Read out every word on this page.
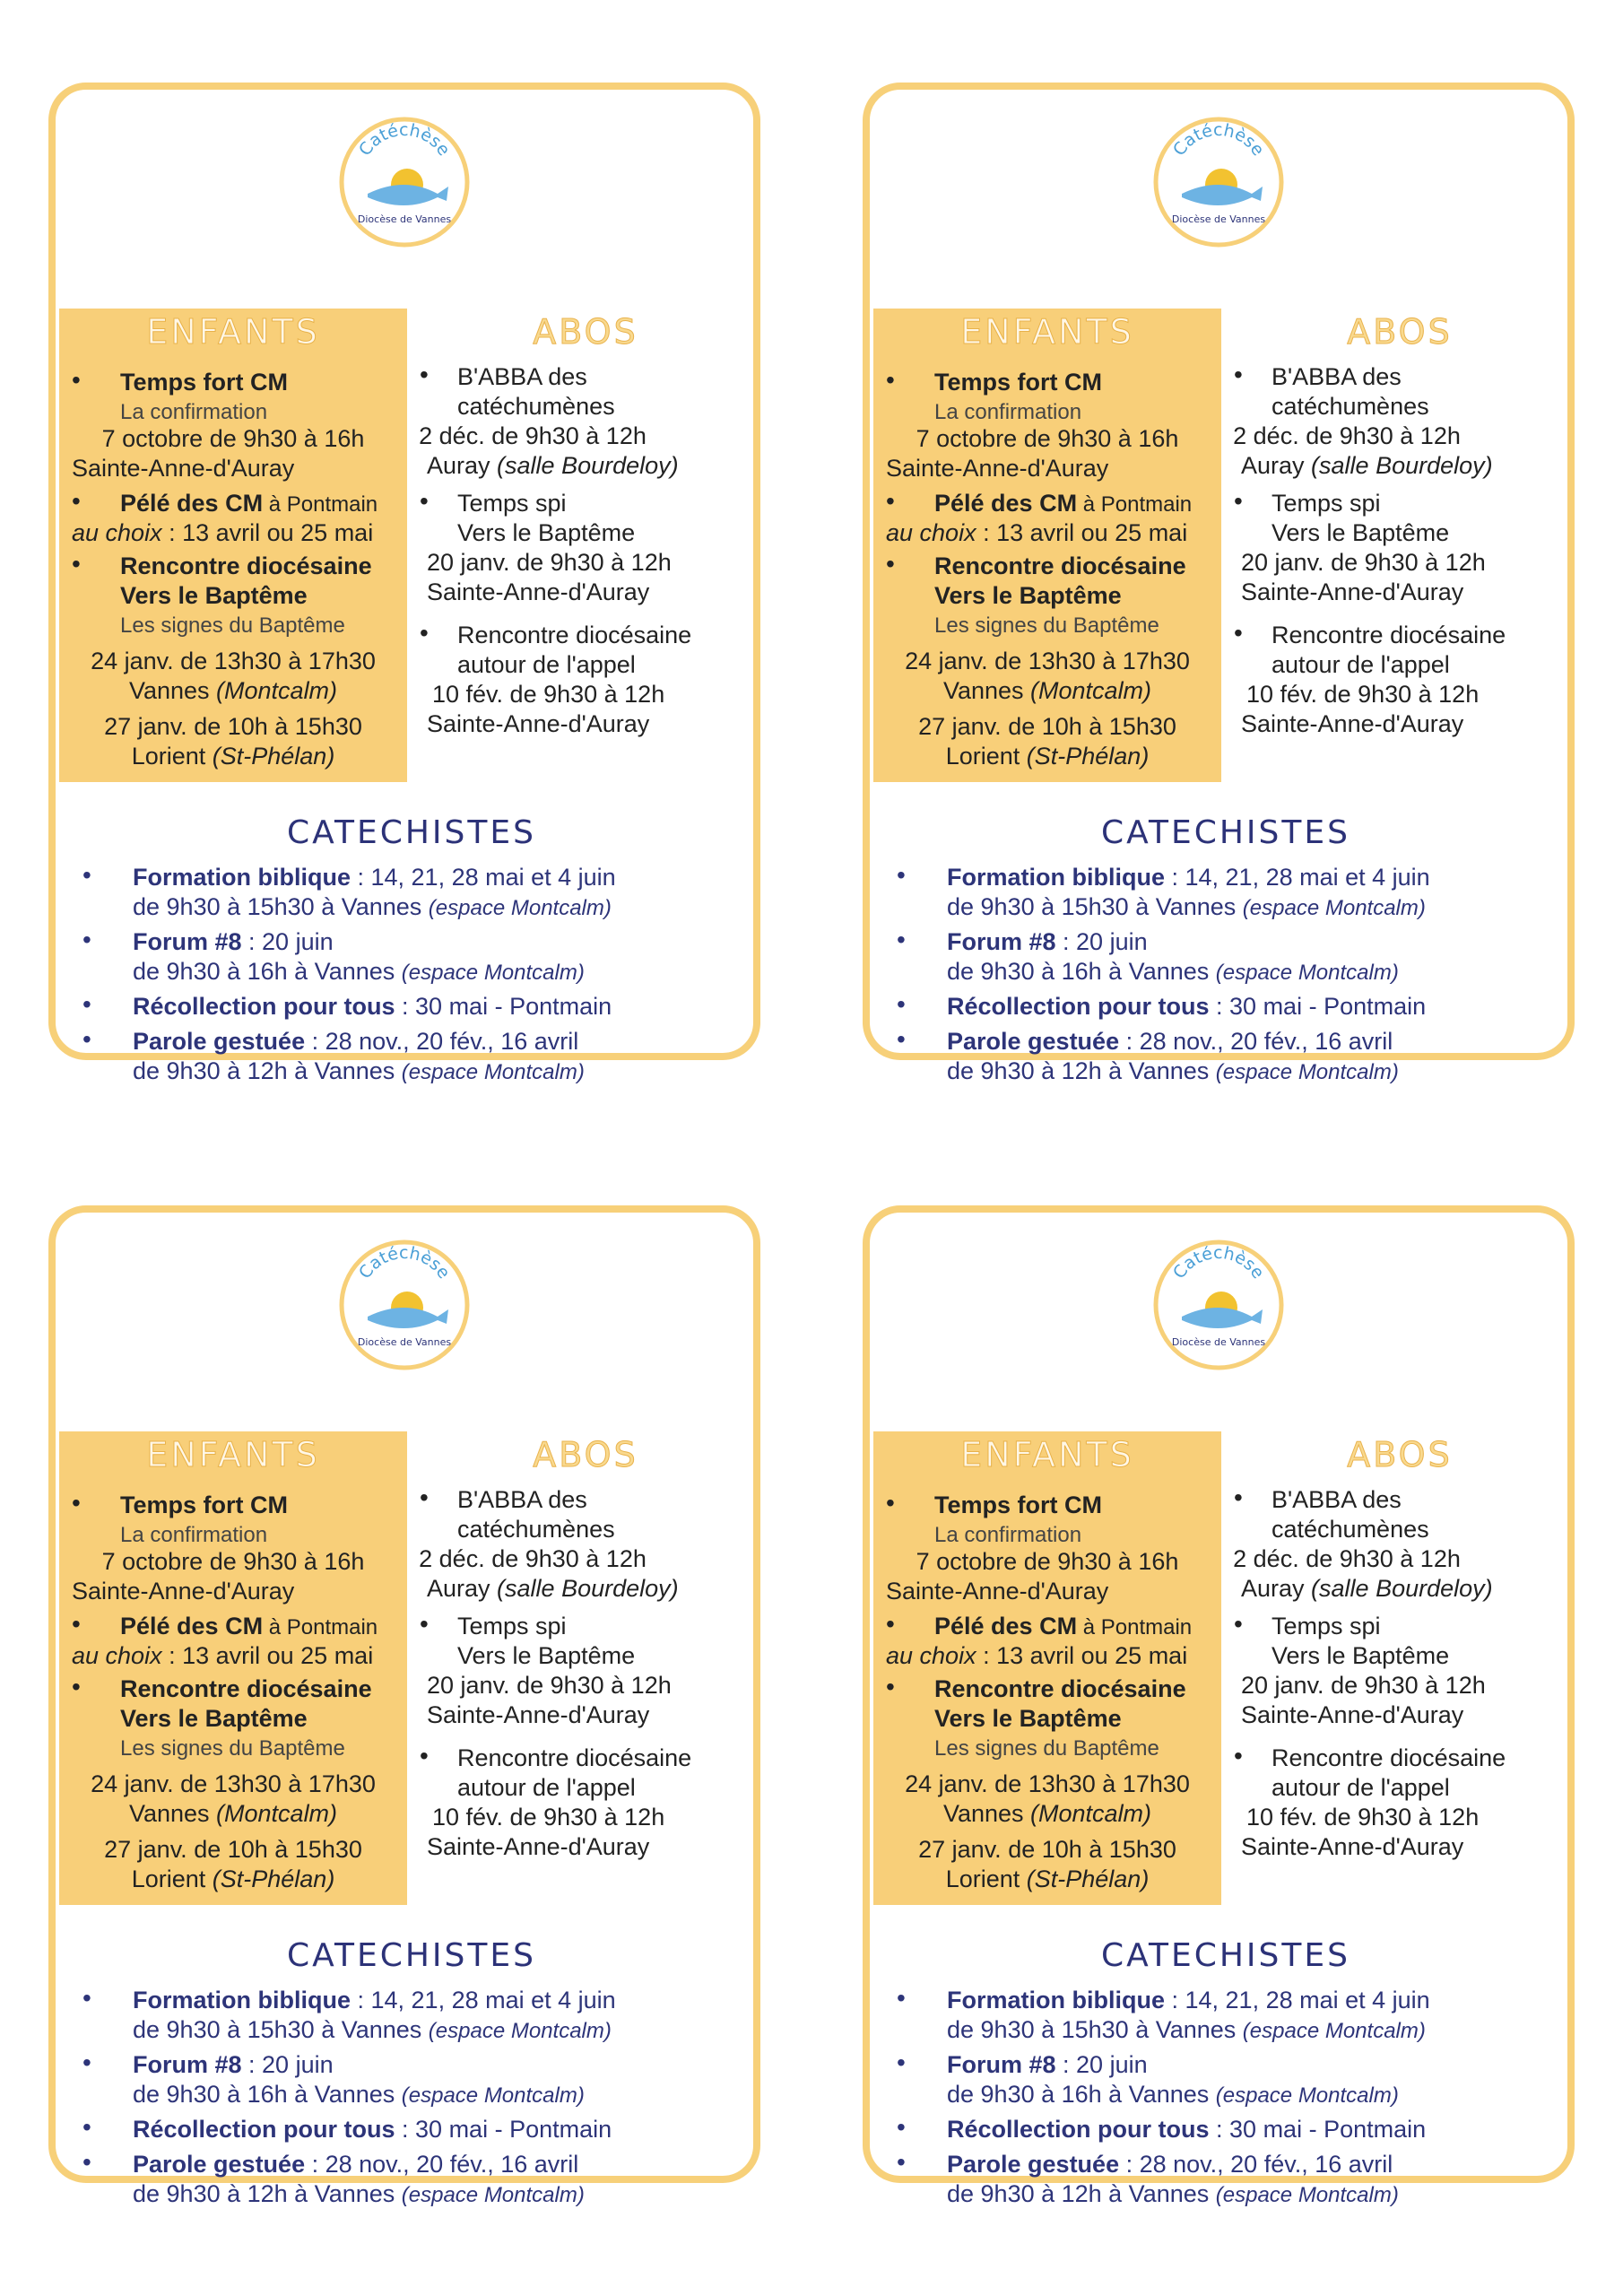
Catéchèse
Diocèse de Vannes
ENFANTS	ABOS
• Temps fort CM
La confirmation
7 octobre de 9h30 à 16h
Sainte-Anne-d'Auray
• Pélé des CM à Pontmain
au choix : 13 avril ou 25 mai
• Rencontre diocésaine
Vers le Baptême
Les signes du Baptême
24 janv. de 13h30 à 17h30
Vannes (Montcalm)
27 janv. de 10h à 15h30
Lorient (St-Phélan)
• B'ABBA des
catéchumènes
2 déc. de 9h30 à 12h
Auray (salle Bourdeloy)
• Temps spi
Vers le Baptême
20 janv. de 9h30 à 12h
Sainte-Anne-d'Auray
• Rencontre diocésaine
autour de l'appel
10 fév. de 9h30 à 12h
Sainte-Anne-d'Auray
CATECHISTES
• Formation biblique : 14, 21, 28 mai et 4 juin
de 9h30 à 15h30 à Vannes (espace Montcalm)
• Forum #8 : 20 juin
de 9h30 à 16h à Vannes (espace Montcalm)
• Récollection pour tous : 30 mai - Pontmain
• Parole gestuée : 28 nov., 20 fév., 16 avril
de 9h30 à 12h à Vannes (espace Montcalm)
Catéchèse
Diocèse de Vannes
ENFANTS	ABOS
• Temps fort CM
La confirmation
7 octobre de 9h30 à 16h
Sainte-Anne-d'Auray
• Pélé des CM à Pontmain
au choix : 13 avril ou 25 mai
• Rencontre diocésaine
Vers le Baptême
Les signes du Baptême
24 janv. de 13h30 à 17h30
Vannes (Montcalm)
27 janv. de 10h à 15h30
Lorient (St-Phélan)
• B'ABBA des
catéchumènes
2 déc. de 9h30 à 12h
Auray (salle Bourdeloy)
• Temps spi
Vers le Baptême
20 janv. de 9h30 à 12h
Sainte-Anne-d'Auray
• Rencontre diocésaine
autour de l'appel
10 fév. de 9h30 à 12h
Sainte-Anne-d'Auray
CATECHISTES
• Formation biblique : 14, 21, 28 mai et 4 juin
de 9h30 à 15h30 à Vannes (espace Montcalm)
• Forum #8 : 20 juin
de 9h30 à 16h à Vannes (espace Montcalm)
• Récollection pour tous : 30 mai - Pontmain
• Parole gestuée : 28 nov., 20 fév., 16 avril
de 9h30 à 12h à Vannes (espace Montcalm)
Catéchèse
Diocèse de Vannes
ENFANTS	ABOS
• Temps fort CM
La confirmation
7 octobre de 9h30 à 16h
Sainte-Anne-d'Auray
• Pélé des CM à Pontmain
au choix : 13 avril ou 25 mai
• Rencontre diocésaine
Vers le Baptême
Les signes du Baptême
24 janv. de 13h30 à 17h30
Vannes (Montcalm)
27 janv. de 10h à 15h30
Lorient (St-Phélan)
• B'ABBA des
catéchumènes
2 déc. de 9h30 à 12h
Auray (salle Bourdeloy)
• Temps spi
Vers le Baptême
20 janv. de 9h30 à 12h
Sainte-Anne-d'Auray
• Rencontre diocésaine
autour de l'appel
10 fév. de 9h30 à 12h
Sainte-Anne-d'Auray
CATECHISTES
• Formation biblique : 14, 21, 28 mai et 4 juin
de 9h30 à 15h30 à Vannes (espace Montcalm)
• Forum #8 : 20 juin
de 9h30 à 16h à Vannes (espace Montcalm)
• Récollection pour tous : 30 mai - Pontmain
• Parole gestuée : 28 nov., 20 fév., 16 avril
de 9h30 à 12h à Vannes (espace Montcalm)
Catéchèse
Diocèse de Vannes
ENFANTS	ABOS
• Temps fort CM
La confirmation
7 octobre de 9h30 à 16h
Sainte-Anne-d'Auray
• Pélé des CM à Pontmain
au choix : 13 avril ou 25 mai
• Rencontre diocésaine
Vers le Baptême
Les signes du Baptême
24 janv. de 13h30 à 17h30
Vannes (Montcalm)
27 janv. de 10h à 15h30
Lorient (St-Phélan)
• B'ABBA des
catéchumènes
2 déc. de 9h30 à 12h
Auray (salle Bourdeloy)
• Temps spi
Vers le Baptême
20 janv. de 9h30 à 12h
Sainte-Anne-d'Auray
• Rencontre diocésaine
autour de l'appel
10 fév. de 9h30 à 12h
Sainte-Anne-d'Auray
CATECHISTES
• Formation biblique : 14, 21, 28 mai et 4 juin
de 9h30 à 15h30 à Vannes (espace Montcalm)
• Forum #8 : 20 juin
de 9h30 à 16h à Vannes (espace Montcalm)
• Récollection pour tous : 30 mai - Pontmain
• Parole gestuée : 28 nov., 20 fév., 16 avril
de 9h30 à 12h à Vannes (espace Montcalm)
